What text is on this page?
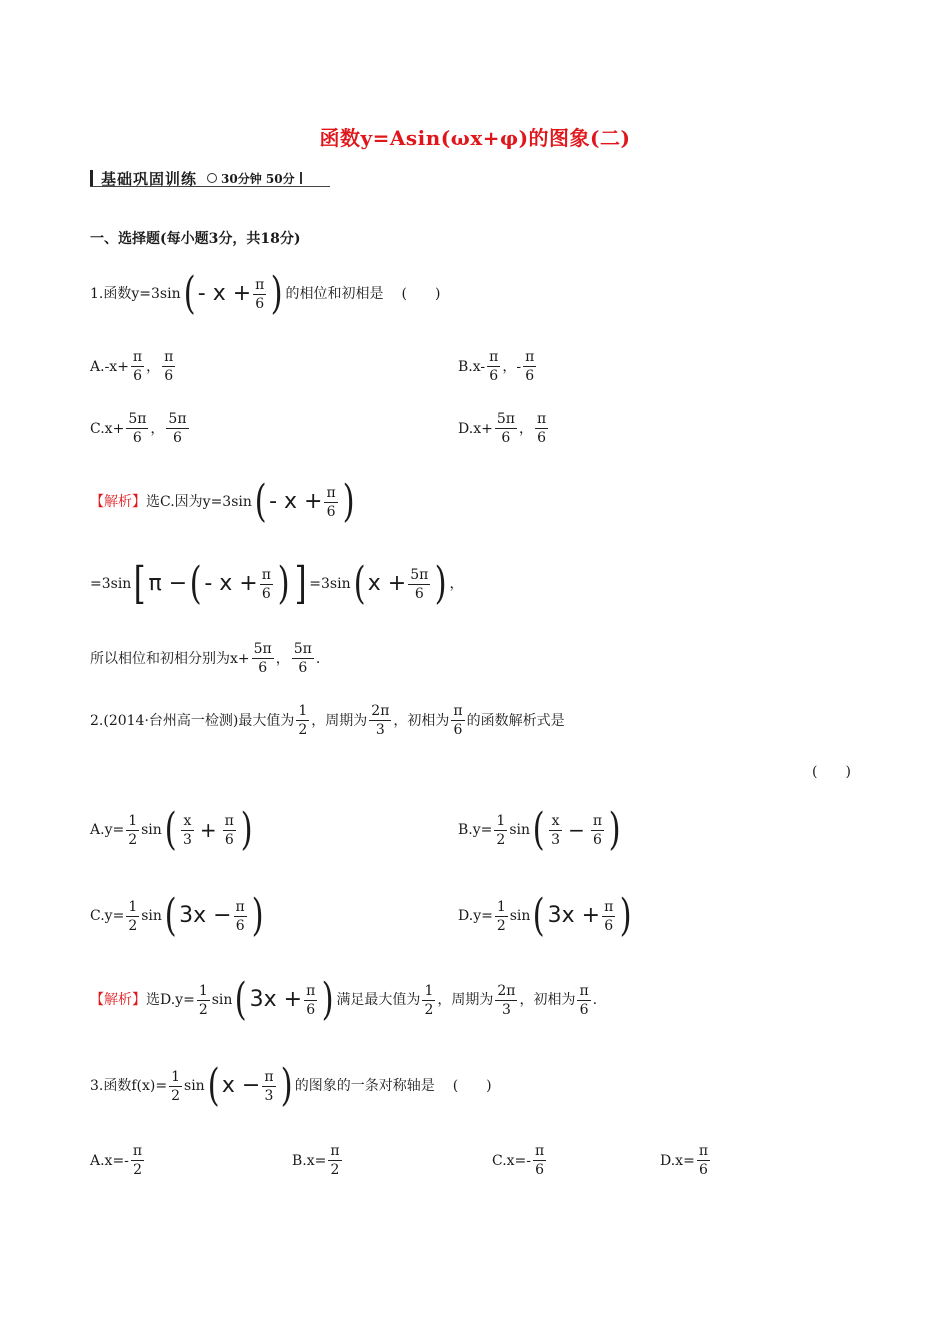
函数y=Asin(ωx+φ)的图象(二)
基础巩固训练 30分钟 50分
一、选择题(每小题3分，共18分)
1.函数y=3sin ( - x + π
6 ) 的相位和初相是 (　　)
A. -x+
π
6
，
π
6
B. x-
π
6
，-
π
6
C. x+
5π
6
，
5π
6
D. x+
5π
6
，
π
6
【解析】 选C.因为y=3sin ( - x + π
6 )
=3sin [ π − ( - x + π
6 ) ] =3sin ( x + 5π
6 ) ，
所以相位和初相分别为x+
5π
6
，
5π
6
.
2.(2014·台州高一检测)最大值为
1
2
，周期为
2π
3
，初相为
π
6
的函数解析式是
(　　)
A. y=
1
2
sin ( x
3 + π
6 )	B. y=
1
2
sin ( x
3 − π
6 )
C. y=
1
2
sin ( 3x − π
6 )	D. y=
1
2
sin ( 3x + π
6 )
【解析】 选D.y=
1
2
sin ( 3x + π
6 ) 满足最大值为
1
2
，周期为
2π
3
，初相为
π
6
.
3.函数f(x)=
1
2
sin ( x − π
3 ) 的图象的一条对称轴是 (　　)
A.x=-
π
2
B.x=
π
2
C.x=-
π
6
D.x=
π
6
